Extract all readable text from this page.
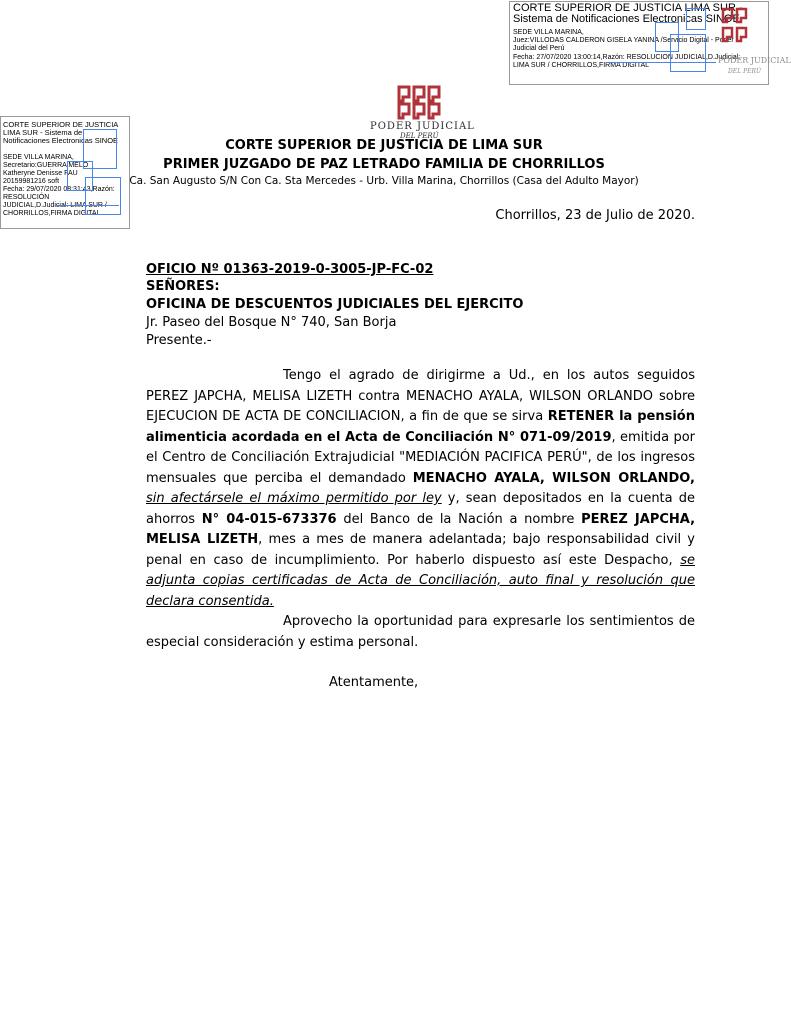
CORTE SUPERIOR DE JUSTICIA LIMA SUR -

Sistema de Notificaciones Electronicas SINOE

SEDE VILLA MARINA,

Juez:VILLODAS CALDERON GISELA YANINA /Servicio Digital - Poder

Judicial del Perú

Fecha: 27/07/2020 13:00:14,Razón: RESOLUCION JUDICIAL,D.Judicial:

LIMA SUR / CHORRILLOS,FIRMA DIGITAL

PODER JUDICIAL
DEL PERÚ

CORTE SUPERIOR DE JUSTICIA

LIMA SUR - Sistema de

Notificaciones Electronicas SINOE

SEDE VILLA MARINA,

Secretario:GUERRA MELO

Katheryne Denisse FAU

20159981216 soft

Fecha: 29/07/2020 08:31:43,Razón:

RESOLUCIÓN

JUDICIAL,D.Judicial: LIMA SUR /

CHORRILLOS,FIRMA DIGITAL

PODER JUDICIAL
DEL PERÚ
CORTE SUPERIOR DE JUSTICIA DE LIMA SUR
PRIMER JUZGADO DE PAZ LETRADO FAMILIA DE CHORRILLOS
Ca. San Augusto S/N Con Ca. Sta Mercedes - Urb. Villa Marina, Chorrillos (Casa del Adulto Mayor)
Chorrillos, 23 de Julio de 2020.
OFICIO Nº 01363-2019-0-3005-JP-FC-02
SEÑORES:
OFICINA DE DESCUENTOS JUDICIALES DEL EJERCITO
Jr. Paseo del Bosque N° 740, San Borja
Presente.-
Tengo el agrado de dirigirme a Ud., en los autos seguidos PEREZ JAPCHA, MELISA LIZETH contra MENACHO AYALA, WILSON ORLANDO sobre EJECUCION DE ACTA DE CONCILIACION, a fin de que se sirva RETENER la pensión alimenticia acordada en el Acta de Conciliación N° 071-09/2019, emitida por el Centro de Conciliación Extrajudicial "MEDIACIÓN PACIFICA PERÚ", de los ingresos mensuales que perciba el demandado MENACHO AYALA, WILSON ORLANDO, sin afectársele el máximo permitido por ley y, sean depositados en la cuenta de ahorros N° 04-015-673376 del Banco de la Nación a nombre PEREZ JAPCHA, MELISA LIZETH, mes a mes de manera adelantada; bajo responsabilidad civil y penal en caso de incumplimiento. Por haberlo dispuesto así este Despacho, se adjunta copias certificadas de Acta de Conciliación, auto final y resolución que declara consentida.
Aprovecho la oportunidad para expresarle los sentimientos de especial consideración y estima personal.
Atentamente,
